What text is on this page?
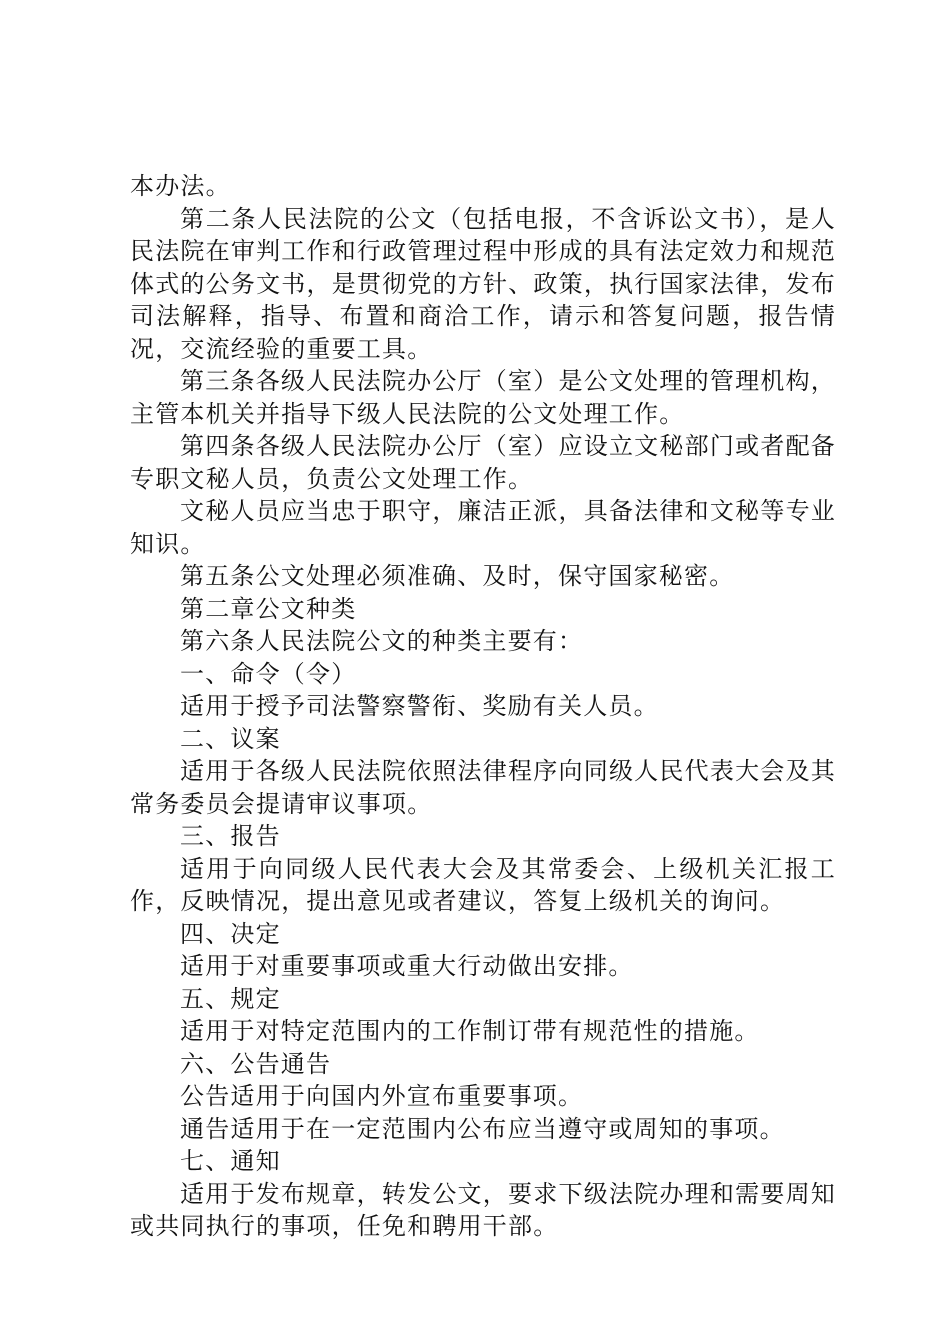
本办法。

第二条人民法院的公文（包括电报，不含诉讼文书），是人民法院在审判工作和行政管理过程中形成的具有法定效力和规范体式的公务文书，是贯彻党的方针、政策，执行国家法律，发布司法解释，指导、布置和商洽工作，请示和答复问题，报告情况，交流经验的重要工具。

第三条各级人民法院办公厅（室）是公文处理的管理机构，主管本机关并指导下级人民法院的公文处理工作。

第四条各级人民法院办公厅（室）应设立文秘部门或者配备专职文秘人员，负责公文处理工作。

文秘人员应当忠于职守，廉洁正派，具备法律和文秘等专业知识。

第五条公文处理必须准确、及时，保守国家秘密。

第二章公文种类

第六条人民法院公文的种类主要有：

一、命令（令）

适用于授予司法警察警衔、奖励有关人员。

二、议案

适用于各级人民法院依照法律程序向同级人民代表大会及其常务委员会提请审议事项。

三、报告

适用于向同级人民代表大会及其常委会、上级机关汇报工作，反映情况，提出意见或者建议，答复上级机关的询问。

四、决定

适用于对重要事项或重大行动做出安排。

五、规定

适用于对特定范围内的工作制订带有规范性的措施。

六、公告通告

公告适用于向国内外宣布重要事项。

通告适用于在一定范围内公布应当遵守或周知的事项。

七、通知

适用于发布规章，转发公文，要求下级法院办理和需要周知或共同执行的事项，任免和聘用干部。
